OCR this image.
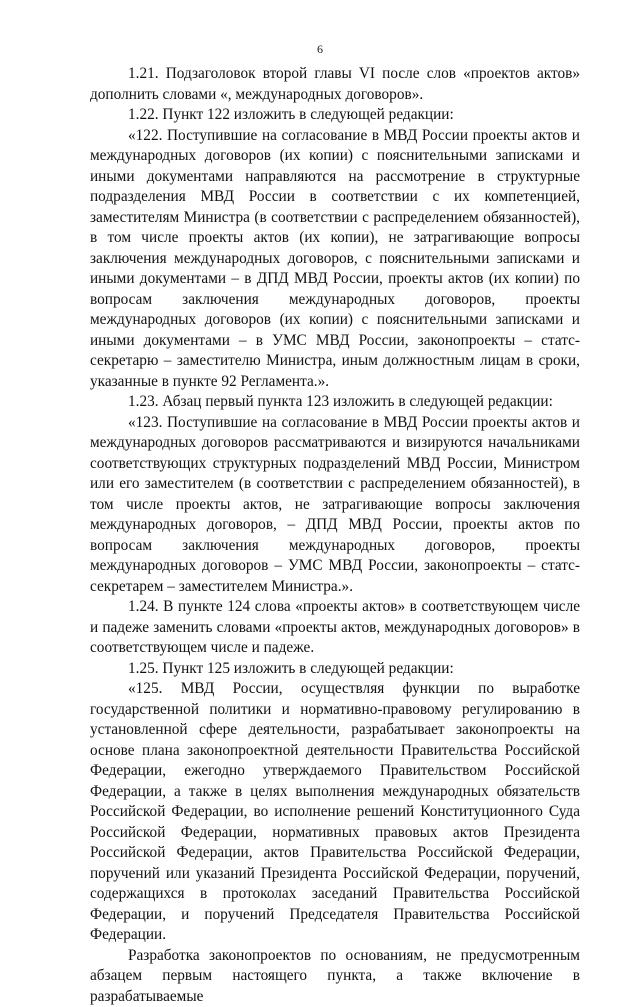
6

1.21. Подзаголовок второй главы VI после слов «проектов актов» дополнить словами «, международных договоров».

1.22. Пункт 122 изложить в следующей редакции:

«122. Поступившие на согласование в МВД России проекты актов и международных договоров (их копии) с пояснительными записками и иными документами направляются на рассмотрение в структурные подразделения МВД России в соответствии с их компетенцией, заместителям Министра (в соответствии с распределением обязанностей), в том числе проекты актов (их копии), не затрагивающие вопросы заключения международных договоров, с пояснительными записками и иными документами – в ДПД МВД России, проекты актов (их копии) по вопросам заключения международных договоров, проекты международных договоров (их копии) с пояснительными записками и иными документами – в УМС МВД России, законопроекты – статс-секретарю – заместителю Министра, иным должностным лицам в сроки, указанные в пункте 92 Регламента.».

1.23. Абзац первый пункта 123 изложить в следующей редакции:

«123. Поступившие на согласование в МВД России проекты актов и международных договоров рассматриваются и визируются начальниками соответствующих структурных подразделений МВД России, Министром или его заместителем (в соответствии с распределением обязанностей), в том числе проекты актов, не затрагивающие вопросы заключения международных договоров, – ДПД МВД России, проекты актов по вопросам заключения международных договоров, проекты международных договоров – УМС МВД России, законопроекты – статс-секретарем – заместителем Министра.».

1.24. В пункте 124 слова «проекты актов» в соответствующем числе и падеже заменить словами «проекты актов, международных договоров» в соответствующем числе и падеже.

1.25. Пункт 125 изложить в следующей редакции:

«125. МВД России, осуществляя функции по выработке государственной политики и нормативно-правовому регулированию в установленной сфере деятельности, разрабатывает законопроекты на основе плана законопроектной деятельности Правительства Российской Федерации, ежегодно утверждаемого Правительством Российской Федерации, а также в целях выполнения международных обязательств Российской Федерации, во исполнение решений Конституционного Суда Российской Федерации, нормативных правовых актов Президента Российской Федерации, актов Правительства Российской Федерации, поручений или указаний Президента Российской Федерации, поручений, содержащихся в протоколах заседаний Правительства Российской Федерации, и поручений Председателя Правительства Российской Федерации.

Разработка законопроектов по основаниям, не предусмотренным абзацем первым настоящего пункта, а также включение в разрабатываемые
